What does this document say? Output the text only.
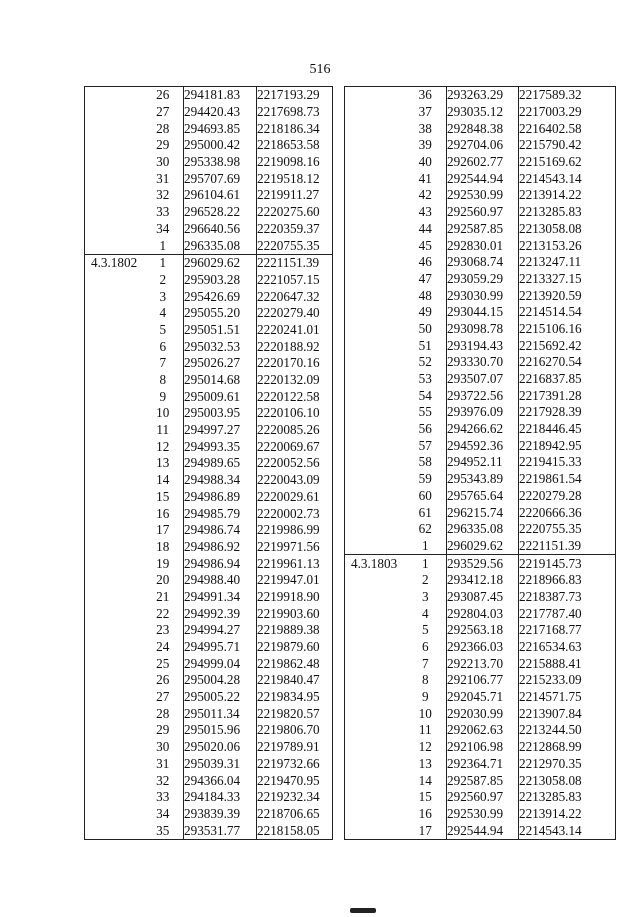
516
	26	294181.83	2217193.29
	27	294420.43	2217698.73
	28	294693.85	2218186.34
	29	295000.42	2218653.58
	30	295338.98	2219098.16
	31	295707.69	2219518.12
	32	296104.61	2219911.27
	33	296528.22	2220275.60
	34	296640.56	2220359.37
	1	296335.08	2220755.35
4.3.1802	1	296029.62	2221151.39
	2	295903.28	2221057.15
	3	295426.69	2220647.32
	4	295055.20	2220279.40
	5	295051.51	2220241.01
	6	295032.53	2220188.92
	7	295026.27	2220170.16
	8	295014.68	2220132.09
	9	295009.61	2220122.58
	10	295003.95	2220106.10
	11	294997.27	2220085.26
	12	294993.35	2220069.67
	13	294989.65	2220052.56
	14	294988.34	2220043.09
	15	294986.89	2220029.61
	16	294985.79	2220002.73
	17	294986.74	2219986.99
	18	294986.92	2219971.56
	19	294986.94	2219961.13
	20	294988.40	2219947.01
	21	294991.34	2219918.90
	22	294992.39	2219903.60
	23	294994.27	2219889.38
	24	294995.71	2219879.60
	25	294999.04	2219862.48
	26	295004.28	2219840.47
	27	295005.22	2219834.95
	28	295011.34	2219820.57
	29	295015.96	2219806.70
	30	295020.06	2219789.91
	31	295039.31	2219732.66
	32	294366.04	2219470.95
	33	294184.33	2219232.34
	34	293839.39	2218706.65
	35	293531.77	2218158.05
	36	293263.29	2217589.32
	37	293035.12	2217003.29
	38	292848.38	2216402.58
	39	292704.06	2215790.42
	40	292602.77	2215169.62
	41	292544.94	2214543.14
	42	292530.99	2213914.22
	43	292560.97	2213285.83
	44	292587.85	2213058.08
	45	292830.01	2213153.26
	46	293068.74	2213247.11
	47	293059.29	2213327.15
	48	293030.99	2213920.59
	49	293044.15	2214514.54
	50	293098.78	2215106.16
	51	293194.43	2215692.42
	52	293330.70	2216270.54
	53	293507.07	2216837.85
	54	293722.56	2217391.28
	55	293976.09	2217928.39
	56	294266.62	2218446.45
	57	294592.36	2218942.95
	58	294952.11	2219415.33
	59	295343.89	2219861.54
	60	295765.64	2220279.28
	61	296215.74	2220666.36
	62	296335.08	2220755.35
	1	296029.62	2221151.39
4.3.1803	1	293529.56	2219145.73
	2	293412.18	2218966.83
	3	293087.45	2218387.73
	4	292804.03	2217787.40
	5	292563.18	2217168.77
	6	292366.03	2216534.63
	7	292213.70	2215888.41
	8	292106.77	2215233.09
	9	292045.71	2214571.75
	10	292030.99	2213907.84
	11	292062.63	2213244.50
	12	292106.98	2212868.99
	13	292364.71	2212970.35
	14	292587.85	2213058.08
	15	292560.97	2213285.83
	16	292530.99	2213914.22
	17	292544.94	2214543.14
